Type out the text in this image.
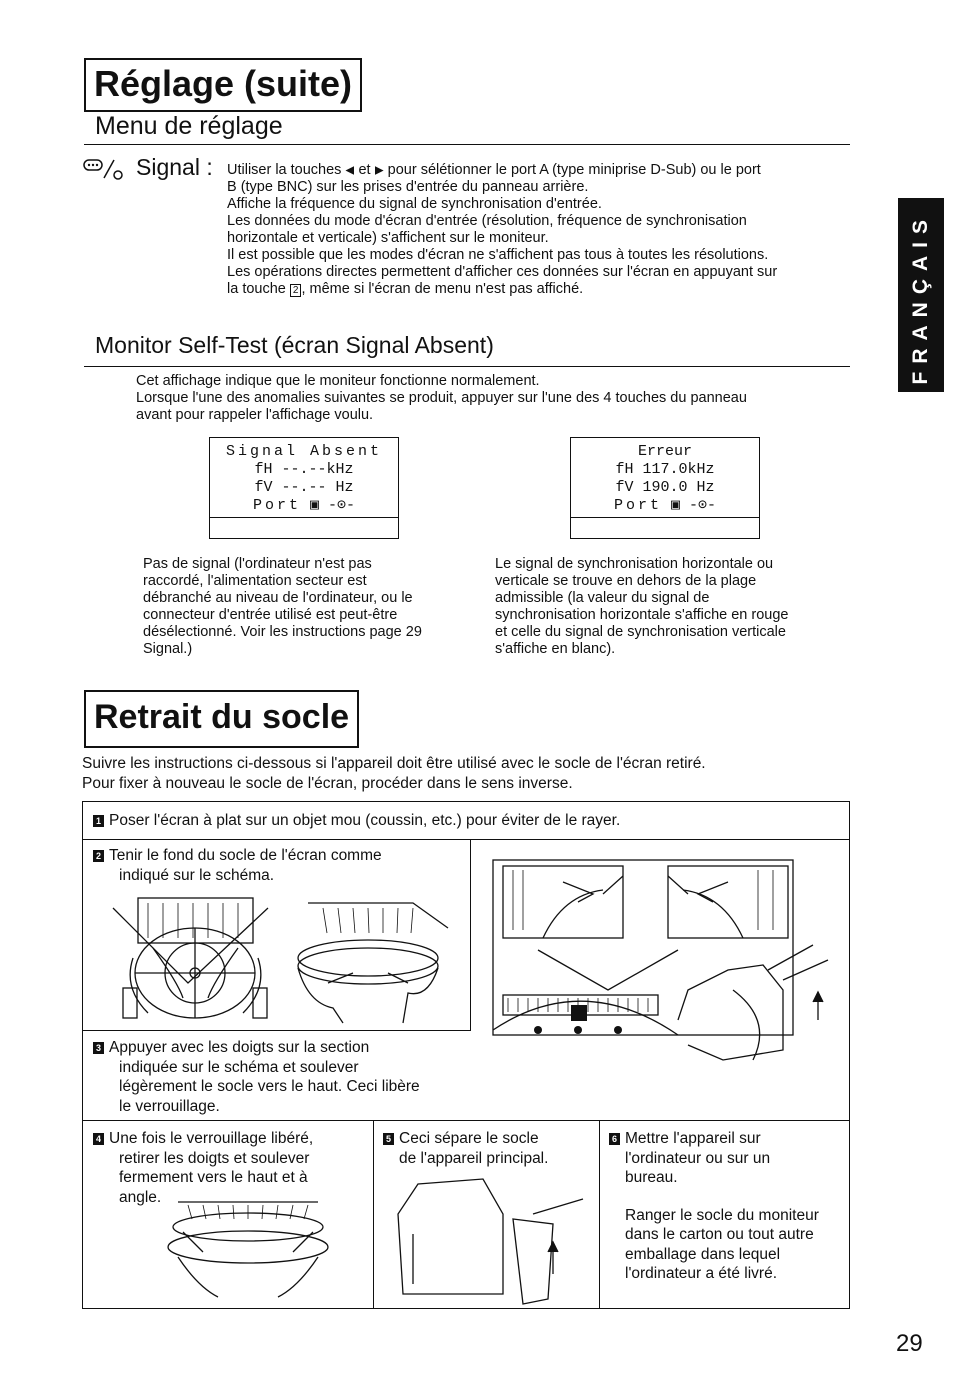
Réglage (suite)
Menu de réglage
FRANÇAIS
Signal : Utiliser la touches  et  pour sélétionner le port A (type miniprise D-Sub) ou le port
B (type BNC) sur les prises d'entrée du panneau arrière.
Affiche la fréquence du signal de synchronisation d'entrée.
Les données du mode d'écran d'entrée (résolution, fréquence de synchronisation
horizontale et verticale) s'affichent sur le moniteur.
Il est possible que les modes d'écran ne s'affichent pas tous à toutes les résolutions.
Les opérations directes permettent d'afficher ces données sur l'écran en appuyant sur
la touche 2 , même si l'écran de menu n'est pas affiché.
Monitor Self-Test (écran Signal Absent)
Cet affichage indique que le moniteur fonctionne normalement.
Lorsque l'une des anomalies suivantes se produit, appuyer sur l'une des 4 touches du panneau
avant pour rappeler l'affichage voulu.
Signal Absent
fH --.--kHz
fV --.-- Hz
Port ▣ -⊙-
Erreur
fH 117.0kHz
fV 190.0 Hz
Port ▣ -⊙-
Pas de signal (l'ordinateur n'est pas
raccordé, l'alimentation secteur est
débranché au niveau de l'ordinateur, ou le
connecteur d'entrée utilisé est peut-être
désélectionné. Voir les instructions page 29
Signal.)
Le signal de synchronisation horizontale ou
verticale se trouve en dehors de la plage
admissible (la valeur du signal de
synchronisation horizontale s'affiche en rouge
et celle du signal de synchronisation verticale
s'affiche en blanc).
Retrait du socle
Suivre les instructions ci-dessous si l'appareil doit être utilisé avec le socle de l'écran retiré.
Pour fixer à nouveau le socle de l'écran, procéder dans le sens inverse.
1 Poser l'écran à plat sur un objet mou (coussin, etc.) pour éviter de le rayer.
2 Tenir le fond du socle de l'écran comme
indiqué sur le schéma.
3 Appuyer avec les doigts sur la section
indiquée sur le schéma et soulever
légèrement le socle vers le haut. Ceci libère
le verrouillage.
4 Une fois le verrouillage libéré,
retirer les doigts et soulever
fermement vers le haut et à
angle.
5 Ceci sépare le socle
de l'appareil principal.
6 Mettre l'appareil sur
l'ordinateur ou sur un
bureau.
Ranger le socle du moniteur
dans le carton ou tout autre
emballage dans lequel
l'ordinateur a été livré.
29
